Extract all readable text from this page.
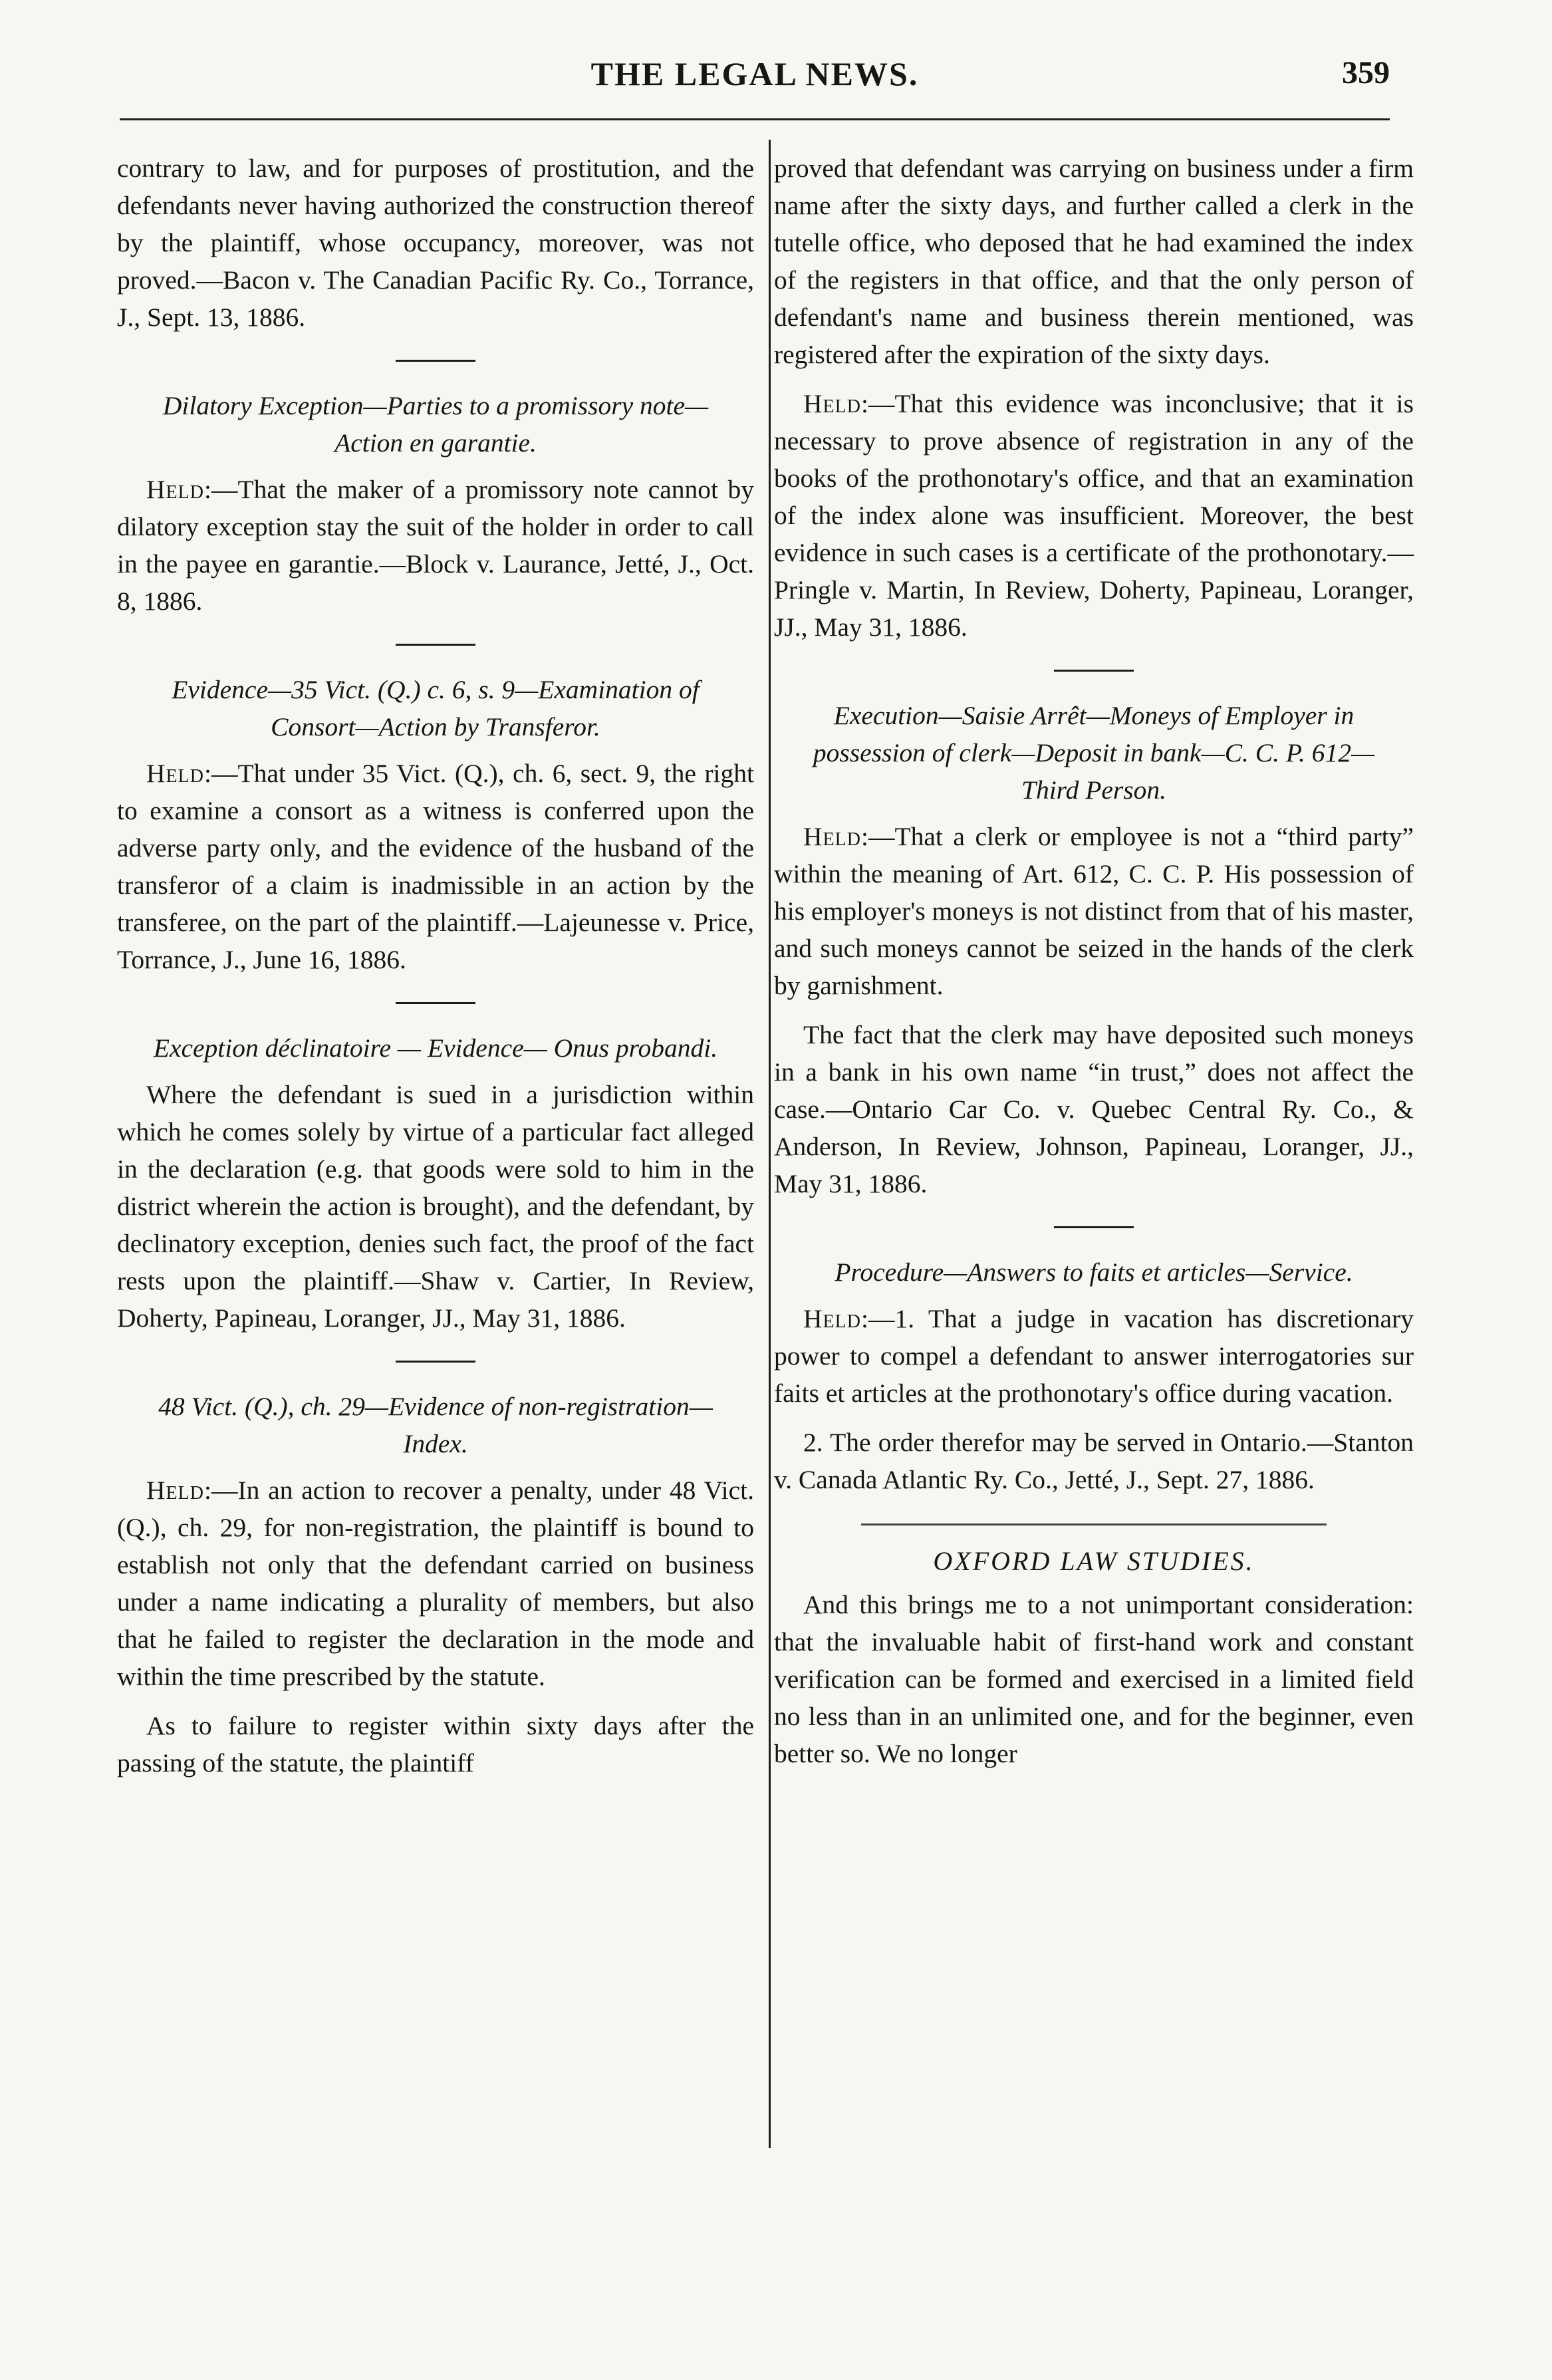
THE LEGAL NEWS.	359

contrary to law, and for purposes of prostitution, and the defendants never having authorized the construction thereof by the plaintiff, whose occupancy, moreover, was not proved.—Bacon v. The Canadian Pacific Ry. Co., Torrance, J., Sept. 13, 1886.

Dilatory Exception—Parties to a promissory note—Action en garantie.

Held:—That the maker of a promissory note cannot by dilatory exception stay the suit of the holder in order to call in the payee en garantie.—Block v. Laurance, Jetté, J., Oct. 8, 1886.

Evidence—35 Vict. (Q.) c. 6, s. 9—Examination of Consort—Action by Transferor.

Held:—That under 35 Vict. (Q.), ch. 6, sect. 9, the right to examine a consort as a witness is conferred upon the adverse party only, and the evidence of the husband of the transferor of a claim is inadmissible in an action by the transferee, on the part of the plaintiff.—Lajeunesse v. Price, Torrance, J., June 16, 1886.

Exception déclinatoire — Evidence— Onus probandi.

Where the defendant is sued in a jurisdiction within which he comes solely by virtue of a particular fact alleged in the declaration (e.g. that goods were sold to him in the district wherein the action is brought), and the defendant, by declinatory exception, denies such fact, the proof of the fact rests upon the plaintiff.—Shaw v. Cartier, In Review, Doherty, Papineau, Loranger, JJ., May 31, 1886.

48 Vict. (Q.), ch. 29—Evidence of non-registration—Index.

Held:—In an action to recover a penalty, under 48 Vict. (Q.), ch. 29, for non-registration, the plaintiff is bound to establish not only that the defendant carried on business under a name indicating a plurality of members, but also that he failed to register the declaration in the mode and within the time prescribed by the statute.

As to failure to register within sixty days after the passing of the statute, the plaintiff

proved that defendant was carrying on business under a firm name after the sixty days, and further called a clerk in the tutelle office, who deposed that he had examined the index of the registers in that office, and that the only person of defendant's name and business therein mentioned, was registered after the expiration of the sixty days.

Held:—That this evidence was inconclusive; that it is necessary to prove absence of registration in any of the books of the prothonotary's office, and that an examination of the index alone was insufficient. Moreover, the best evidence in such cases is a certificate of the prothonotary.—Pringle v. Martin, In Review, Doherty, Papineau, Loranger, JJ., May 31, 1886.

Execution—Saisie Arrêt—Moneys of Employer in possession of clerk—Deposit in bank—C. C. P. 612—Third Person.

Held:—That a clerk or employee is not a “third party” within the meaning of Art. 612, C. C. P. His possession of his employer's moneys is not distinct from that of his master, and such moneys cannot be seized in the hands of the clerk by garnishment.

The fact that the clerk may have deposited such moneys in a bank in his own name “in trust,” does not affect the case.—Ontario Car Co. v. Quebec Central Ry. Co., & Anderson, In Review, Johnson, Papineau, Loranger, JJ., May 31, 1886.

Procedure—Answers to faits et articles—Service.

Held:—1. That a judge in vacation has discretionary power to compel a defendant to answer interrogatories sur faits et articles at the prothonotary's office during vacation.

2. The order therefor may be served in Ontario.—Stanton v. Canada Atlantic Ry. Co., Jetté, J., Sept. 27, 1886.

OXFORD LAW STUDIES.

And this brings me to a not unimportant consideration: that the invaluable habit of first-hand work and constant verification can be formed and exercised in a limited field no less than in an unlimited one, and for the beginner, even better so. We no longer
